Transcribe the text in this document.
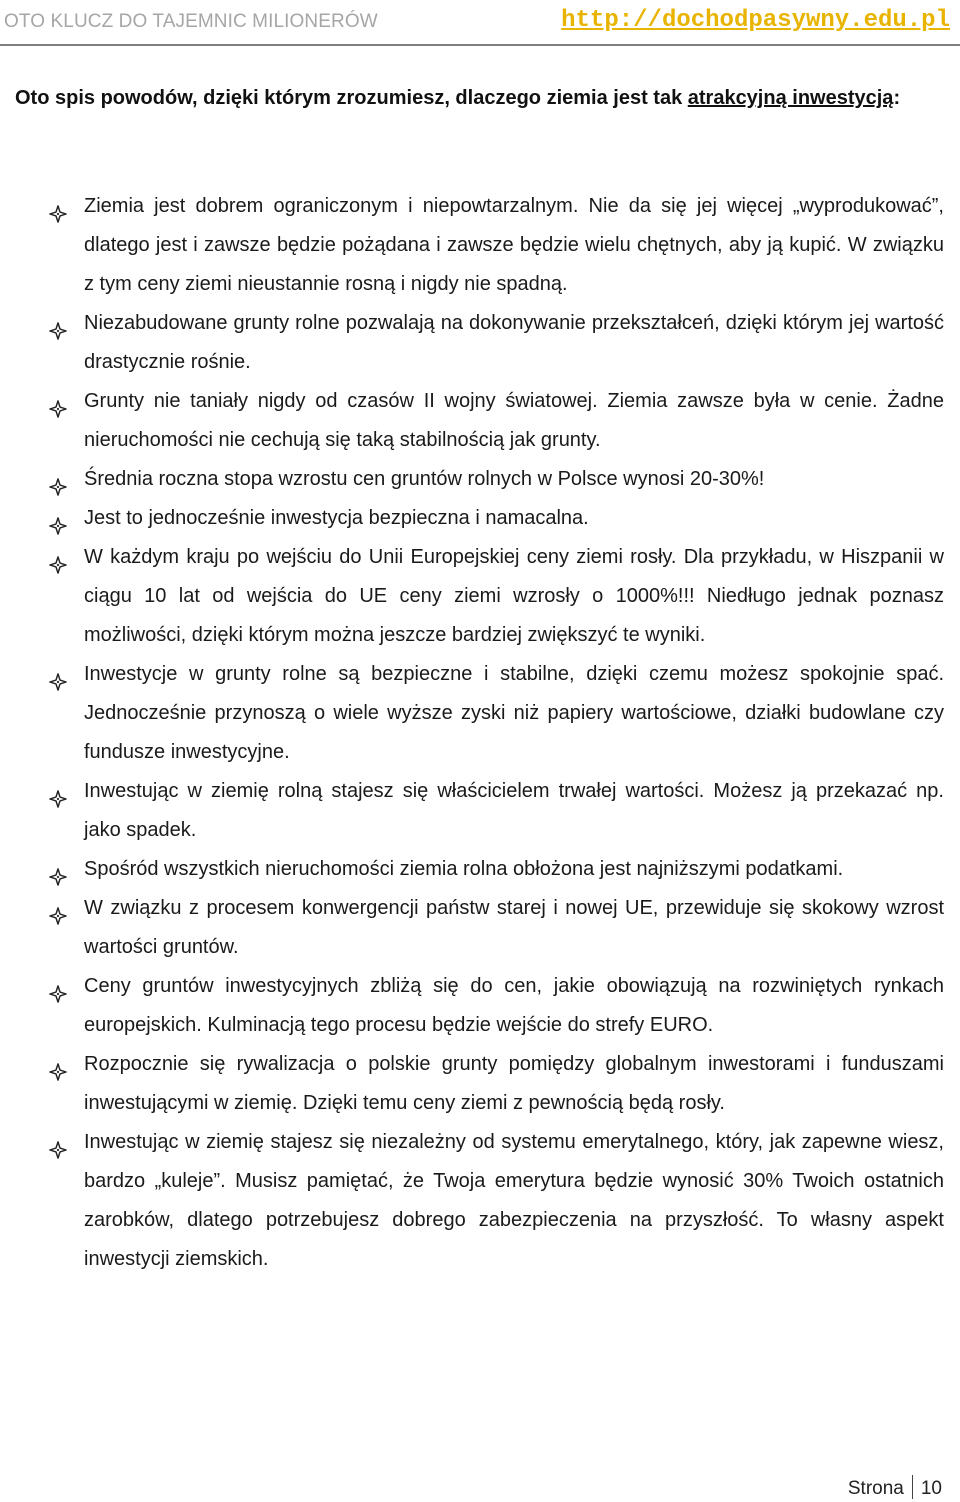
OTO KLUCZ DO TAJEMNIC MILIONERÓW	http://dochodpasywny.edu.pl
Oto spis powodów, dzięki którym zrozumiesz, dlaczego ziemia jest tak atrakcyjną inwestycją:
Ziemia jest dobrem ograniczonym i niepowtarzalnym. Nie da się jej więcej „wyprodukować”, dlatego jest i zawsze będzie pożądana i zawsze będzie wielu chętnych, aby ją kupić. W związku z tym ceny ziemi nieustannie rosną i nigdy nie spadną.
Niezabudowane grunty rolne pozwalają na dokonywanie przekształceń, dzięki którym jej wartość drastycznie rośnie.
Grunty nie taniały nigdy od czasów II wojny światowej. Ziemia zawsze była w cenie. Żadne nieruchomości nie cechują się taką stabilnością jak grunty.
Średnia roczna stopa wzrostu cen gruntów rolnych w Polsce wynosi 20-30%!
Jest to jednocześnie inwestycja bezpieczna i namacalna.
W każdym kraju po wejściu do Unii Europejskiej ceny ziemi rosły. Dla przykładu, w Hiszpanii w ciągu 10 lat od wejścia do UE ceny ziemi wzrosły o 1000%!!! Niedługo jednak poznasz możliwości, dzięki którym można jeszcze bardziej zwiększyć te wyniki.
Inwestycje w grunty rolne są bezpieczne i stabilne, dzięki czemu możesz spokojnie spać. Jednocześnie przynoszą o wiele wyższe zyski niż papiery wartościowe, działki budowlane czy fundusze inwestycyjne.
Inwestując w ziemię rolną stajesz się właścicielem trwałej wartości. Możesz ją przekazać np. jako spadek.
Spośród wszystkich nieruchomości ziemia rolna obłożona jest najniższymi podatkami.
W związku z procesem konwergencji państw starej i nowej UE, przewiduje się skokowy wzrost wartości gruntów.
Ceny gruntów inwestycyjnych zbliżą się do cen, jakie obowiązują na rozwiniętych rynkach europejskich. Kulminacją tego procesu będzie wejście do strefy EURO.
Rozpocznie się rywalizacja o polskie grunty pomiędzy globalnym inwestorami i funduszami inwestującymi w ziemię. Dzięki temu ceny ziemi z pewnością będą rosły.
Inwestując w ziemię stajesz się niezależny od systemu emerytalnego, który, jak zapewne wiesz, bardzo „kuleje”. Musisz pamiętać, że Twoja emerytura będzie wynosić 30% Twoich ostatnich zarobków, dlatego potrzebujesz dobrego zabezpieczenia na przyszłość. To własny aspekt inwestycji ziemskich.
Strona 10
